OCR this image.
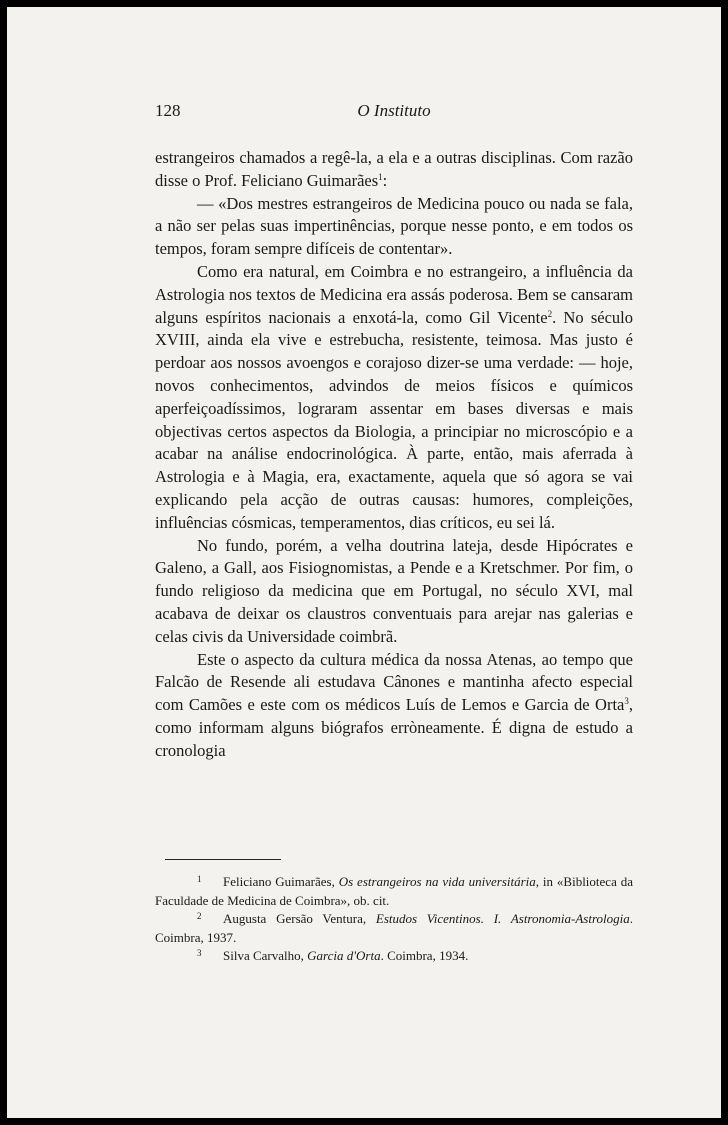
128	O Instituto

estrangeiros chamados a regê-la, a ela e a outras disciplinas. Com razão disse o Prof. Feliciano Guimarães$^1$:

— «Dos mestres estrangeiros de Medicina pouco ou nada se fala, a não ser pelas suas impertinências, porque nesse ponto, e em todos os tempos, foram sempre difíceis de contentar».

Como era natural, em Coimbra e no estrangeiro, a influência da Astrologia nos textos de Medicina era assás poderosa. Bem se cansaram alguns espíritos nacionais a enxotá-la, como Gil Vicente$^2$. No século XVIII, ainda ela vive e estrebucha, resistente, teimosa. Mas justo é perdoar aos nossos avoengos e corajoso dizer-se uma verdade: — hoje, novos conhecimentos, advindos de meios físicos e químicos aperfeiçoadíssimos, lograram assentar em bases diversas e mais objectivas certos aspectos da Biologia, a principiar no microscópio e a acabar na análise endocrinológica. À parte, então, mais aferrada à Astrologia e à Magia, era, exactamente, aquela que só agora se vai explicando pela acção de outras causas: humores, compleições, influências cósmicas, temperamentos, dias críticos, eu sei lá.

No fundo, porém, a velha doutrina lateja, desde Hipócrates e Galeno, a Gall, aos Fisiognomistas, a Pende e a Kretschmer. Por fim, o fundo religioso da medicina que em Portugal, no século XVI, mal acabava de deixar os claustros conventuais para arejar nas galerias e celas civis da Universidade coimbrã.

Este o aspecto da cultura médica da nossa Atenas, ao tempo que Falcão de Resende ali estudava Cânones e mantinha afecto especial com Camões e este com os médicos Luís de Lemos e Garcia de Orta$^3$, como informam alguns biógrafos erròneamente. É digna de estudo a cronologia

$^1$ Feliciano Guimarães, Os estrangeiros na vida universitária, in «Biblioteca da Faculdade de Medicina de Coimbra», ob. cit.

$^2$ Augusta Gersão Ventura, Estudos Vicentinos. I. Astronomia-Astrologia. Coimbra, 1937.

$^3$ Silva Carvalho, Garcia d'Orta. Coimbra, 1934.
